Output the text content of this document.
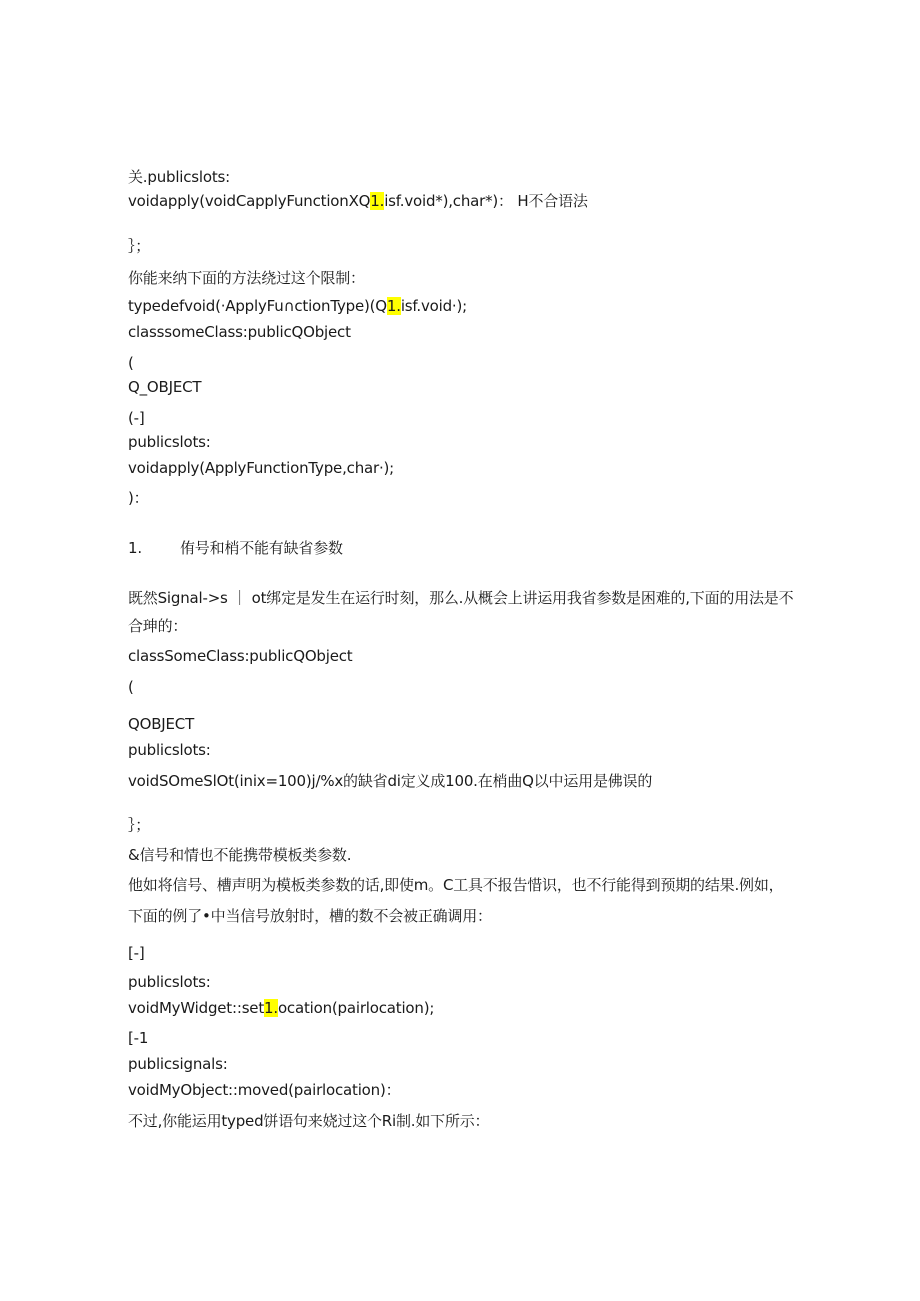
关.publicslots:
voidapply(voidCapplyFunctionXQ1.isf.void*),char*)： H不合语法
｝；
你能来纳下面的方法绕过这个限制：
typedefvoid(·ApplyFu∩ctionType)(Q1.isf.void·);
classsomeClass:publicQObject
(
Q_OBJECT
(-]
publicslots:
voidapply(ApplyFunctionType,char·);
)：
1.	侑号和梢不能有缺省参数
既然Signal->s ｜ ot绑定是发生在运行时刻，那么.从概会上讲运用我省参数是困难的,下面的用法是不
合珅的：
classSomeClass:publicQObject
(
QOBJECT
publicslots:
voidSOmeSlOt(inix=100)j∕%x的缺省di定义成100.在梢曲Q以中运用是佛误的
｝；
&信号和情也不能携带模板类参数.
他如将信号、槽声明为模板类参数的话,即使m。C工具不报告惜识，也不行能得到预期的结果.例如，
下面的例了•中当信号放射时，槽的数不会被正确调用：
[-]
publicslots:
voidMyWidget::set1.ocation(pairlocation);
[-1
publicsignals:
voidMyObject::moved(pairlocation)：
不过,你能运用typed饼语句来娆过这个Ri制.如下所示：
